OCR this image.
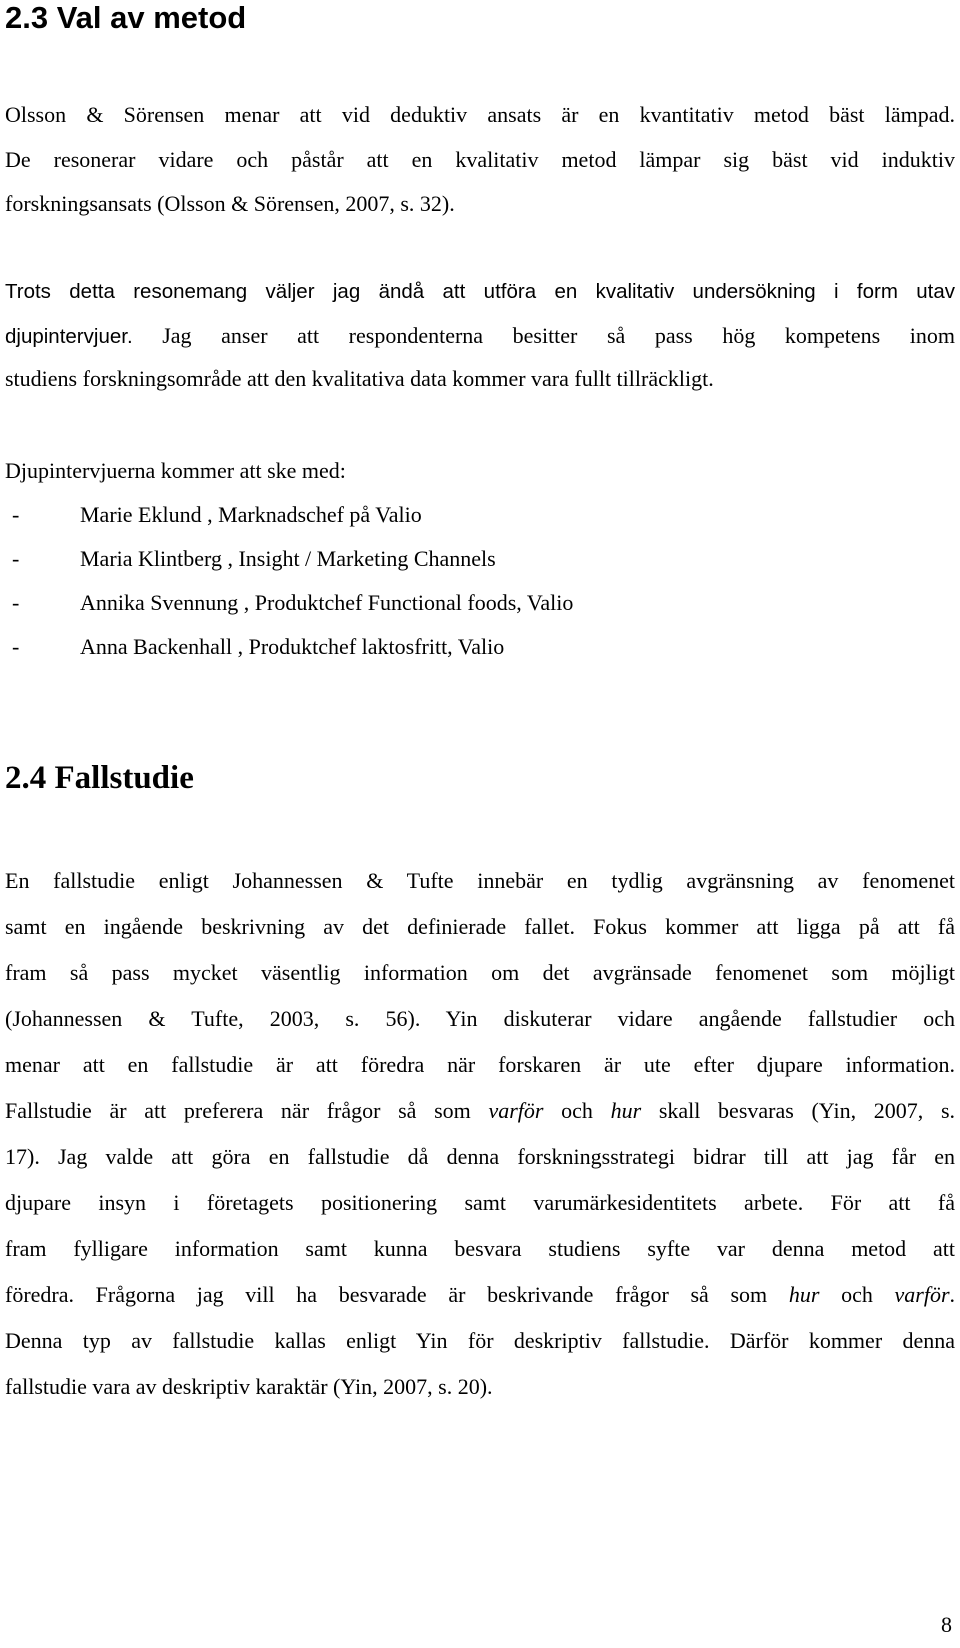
2.3 Val av metod
Olsson & Sörensen menar att vid deduktiv ansats är en kvantitativ metod bäst lämpad.
De resonerar vidare och påstår att en kvalitativ metod lämpar sig bäst vid induktiv
forskningsansats (Olsson & Sörensen, 2007, s. 32).
Trots detta resonemang väljer jag ändå att utföra en kvalitativ undersökning i form utav
djupintervjuer. Jag anser att respondenterna besitter så pass hög kompetens inom
studiens forskningsområde att den kvalitativa data kommer vara fullt tillräckligt.
Djupintervjuerna kommer att ske med:
-	Marie Eklund , Marknadschef på Valio
-	Maria Klintberg , Insight / Marketing Channels
-	Annika Svennung , Produktchef Functional foods, Valio
-	Anna Backenhall , Produktchef laktosfritt, Valio
2.4 Fallstudie
En fallstudie enligt Johannessen & Tufte innebär en tydlig avgränsning av fenomenet
samt en ingående beskrivning av det definierade fallet. Fokus kommer att ligga på att få
fram så pass mycket väsentlig information om det avgränsade fenomenet som möjligt
(Johannessen & Tufte, 2003, s. 56). Yin diskuterar vidare angående fallstudier och
menar att en fallstudie är att föredra när forskaren är ute efter djupare information.
Fallstudie är att preferera när frågor så som varför och hur skall besvaras (Yin, 2007, s.
17). Jag valde att göra en fallstudie då denna forskningsstrategi bidrar till att jag får en
djupare insyn i företagets positionering samt varumärkesidentitets arbete. För att få
fram fylligare information samt kunna besvara studiens syfte var denna metod att
föredra. Frågorna jag vill ha besvarade är beskrivande frågor så som hur och varför.
Denna typ av fallstudie kallas enligt Yin för deskriptiv fallstudie. Därför kommer denna
fallstudie vara av deskriptiv karaktär (Yin, 2007, s. 20).
8
